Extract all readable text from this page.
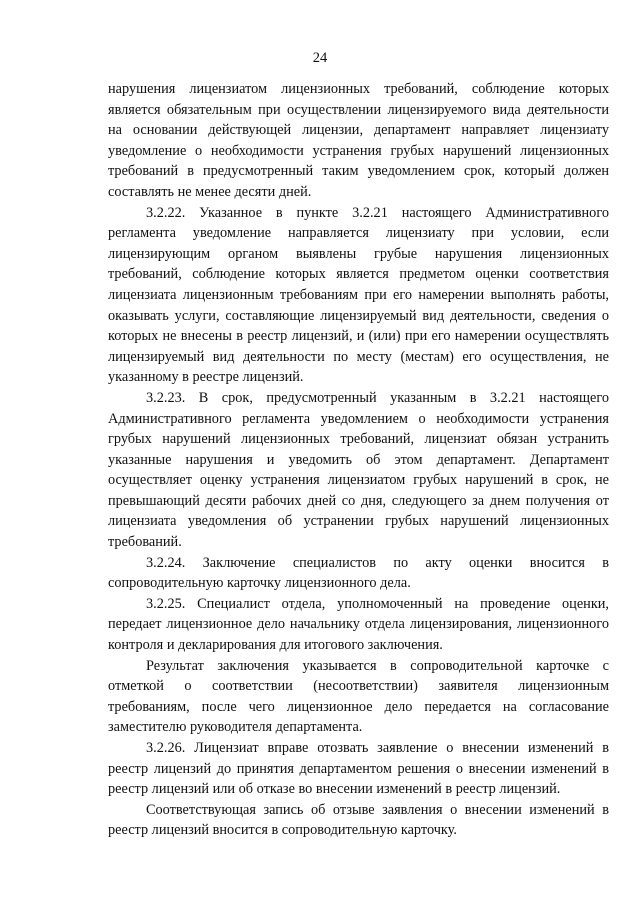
24

нарушения лицензиатом лицензионных требований, соблюдение которых является обязательным при осуществлении лицензируемого вида деятельности на основании действующей лицензии, департамент направляет лицензиату уведомление о необходимости устранения грубых нарушений лицензионных требований в предусмотренный таким уведомлением срок, который должен составлять не менее десяти дней.

3.2.22. Указанное в пункте 3.2.21 настоящего Административного регламента уведомление направляется лицензиату при условии, если лицензирующим органом выявлены грубые нарушения лицензионных требований, соблюдение которых является предметом оценки соответствия лицензиата лицензионным требованиям при его намерении выполнять работы, оказывать услуги, составляющие лицензируемый вид деятельности, сведения о которых не внесены в реестр лицензий, и (или) при его намерении осуществлять лицензируемый вид деятельности по месту (местам) его осуществления, не указанному в реестре лицензий.

3.2.23. В срок, предусмотренный указанным в 3.2.21 настоящего Административного регламента уведомлением о необходимости устранения грубых нарушений лицензионных требований, лицензиат обязан устранить указанные нарушения и уведомить об этом департамент. Департамент осуществляет оценку устранения лицензиатом грубых нарушений в срок, не превышающий десяти рабочих дней со дня, следующего за днем получения от лицензиата уведомления об устранении грубых нарушений лицензионных требований.

3.2.24. Заключение специалистов по акту оценки вносится в сопроводительную карточку лицензионного дела.

3.2.25. Специалист отдела, уполномоченный на проведение оценки, передает лицензионное дело начальнику отдела лицензирования, лицензионного контроля и декларирования для итогового заключения.

Результат заключения указывается в сопроводительной карточке с отметкой о соответствии (несоответствии) заявителя лицензионным требованиям, после чего лицензионное дело передается на согласование заместителю руководителя департамента.

3.2.26. Лицензиат вправе отозвать заявление о внесении изменений в реестр лицензий до принятия департаментом решения о внесении изменений в реестр лицензий или об отказе во внесении изменений в реестр лицензий.

Соответствующая запись об отзыве заявления о внесении изменений в реестр лицензий вносится в сопроводительную карточку.
